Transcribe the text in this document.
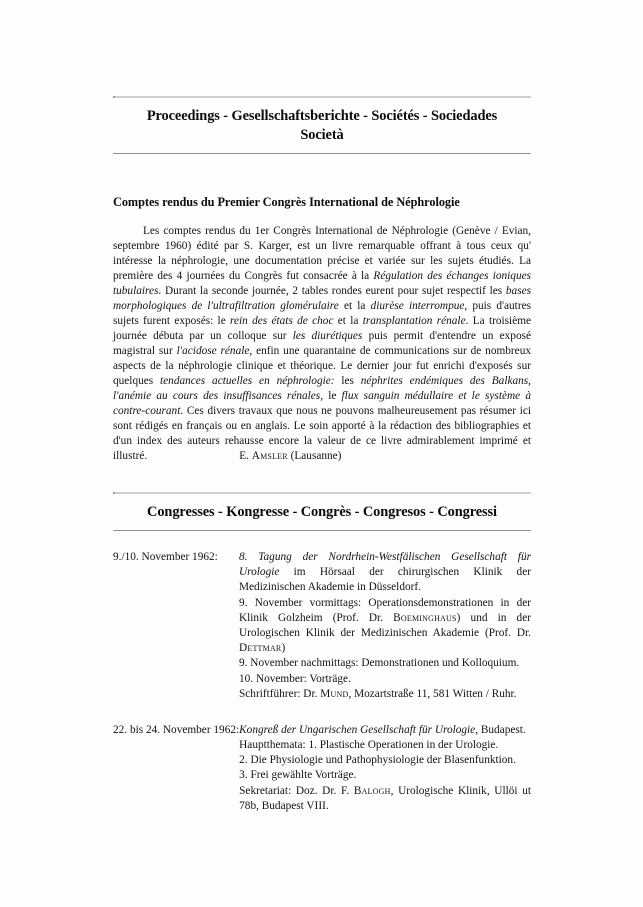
Proceedings - Gesellschaftsberichte - Sociétés - Sociedades
Società
Comptes rendus du Premier Congrès International de Néphrologie
Les comptes rendus du 1er Congrès International de Néphrologie (Genève / Evian, septembre 1960) édité par S. Karger, est un livre remarquable offrant à tous ceux qu' intéresse la néphrologie, une documentation précise et variée sur les sujets étudiés. La première des 4 journées du Congrès fut consacrée à la Régulation des échanges ioniques tubulaires. Durant la seconde journée, 2 tables rondes eurent pour sujet respectif les bases morphologiques de l'ultrafiltration glomérulaire et la diurèse interrompue, puis d'autres sujets furent exposés: le rein des états de choc et la transplantation rénale. La troisième journée débuta par un colloque sur les diurétiques puis permit d'entendre un exposé magistral sur l'acidose rénale, enfin une quarantaine de communications sur de nombreux aspects de la néphrologie clinique et théorique. Le dernier jour fut enrichi d'exposés sur quelques tendances actuelles en néphrologie: les néphrites endémiques des Balkans, l'anémie au cours des insuffisances rénales, le flux sanguin médullaire et le système à contre-courant. Ces divers travaux que nous ne pouvons malheureusement pas résumer ici sont rédigés en français ou en anglais. Le soin apporté à la rédaction des bibliographies et d'un index des auteurs rehausse encore la valeur de ce livre admirablement imprimé et illustré.	E. Amsler (Lausanne)
Congresses - Kongresse - Congrès - Congresos - Congressi
9./10. November 1962:	8. Tagung der Nordrhein-Westfälischen Gesellschaft für Urologie im Hörsaal der chirurgischen Klinik der Medizinischen Akademie in Düsseldorf.
9. November vormittags: Operationsdemonstrationen in der Klinik Golzheim (Prof. Dr. Boeminghaus) und in der Urologischen Klinik der Medizinischen Akademie (Prof. Dr. Dettmar)
9. November nachmittags: Demonstrationen und Kolloquium.
10. November: Vorträge.
Schriftführer: Dr. Mund, Mozartstraße 11, 581 Witten / Ruhr.
22. bis 24. November 1962: Kongreß der Ungarischen Gesellschaft für Urologie, Budapest.
Hauptthemata: 1. Plastische Operationen in der Urologie.
2. Die Physiologie und Pathophysiologie der Blasenfunktion.
3. Frei gewählte Vorträge.
Sekretariat: Doz. Dr. F. Balogh, Urologische Klinik, Ullöi ut 78b, Budapest VIII.
